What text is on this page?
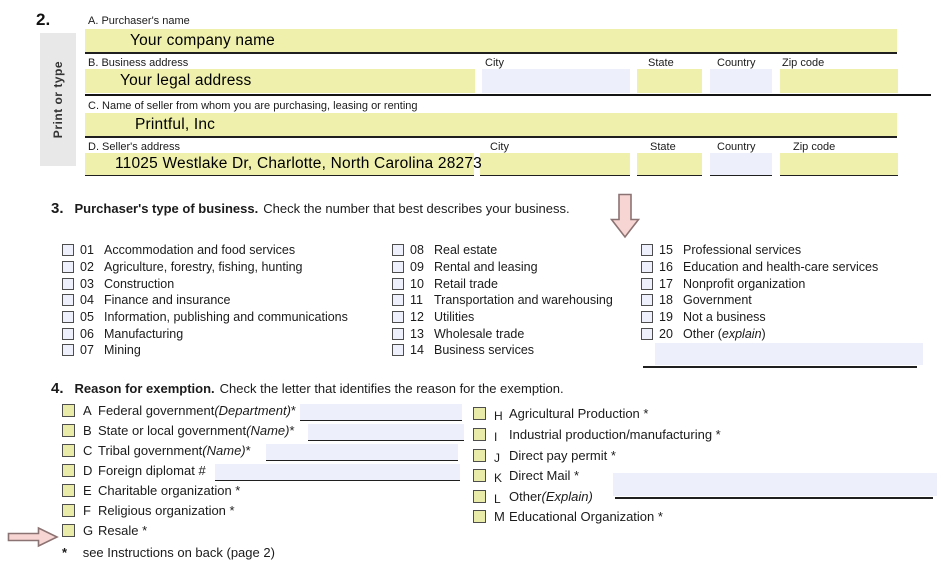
2.
Print or type
A. Purchaser's name
Your company name
B. Business address	City	State	Country Zip code
Your legal address
C. Name of seller from whom you are purchasing, leasing or renting
Printful, Inc
D. Seller's address	City	State	Country	Zip code
11025 Westlake Dr, Charlotte, North Carolina 28273
3. Purchaser's type of business. Check the number that best describes your business.
01 Accommodation and food services
02 Agriculture, forestry, fishing, hunting
03 Construction
04 Finance and insurance
05 Information, publishing and communications
06 Manufacturing
07 Mining
08 Real estate
09 Rental and leasing
10 Retail trade
11 Transportation and warehousing
12 Utilities
13 Wholesale trade
14 Business services
15 Professional services
16 Education and health-care services
17 Nonprofit organization
18 Government
19 Not a business
20 Other ( explain )
4. Reason for exemption. Check the letter that identifies the reason for the exemption.
A Federal government (Department) *
B State or local government (Name) *
C Tribal government (Name) *
D Foreign diplomat #
E Charitable organization *
F Religious organization *
G Resale *
* see Instructions on back (page 2)
H Agricultural Production *
I Industrial production/manufacturing *
J Direct pay permit *
K Direct Mail *
L Other (Explain)
M Educational Organization *
